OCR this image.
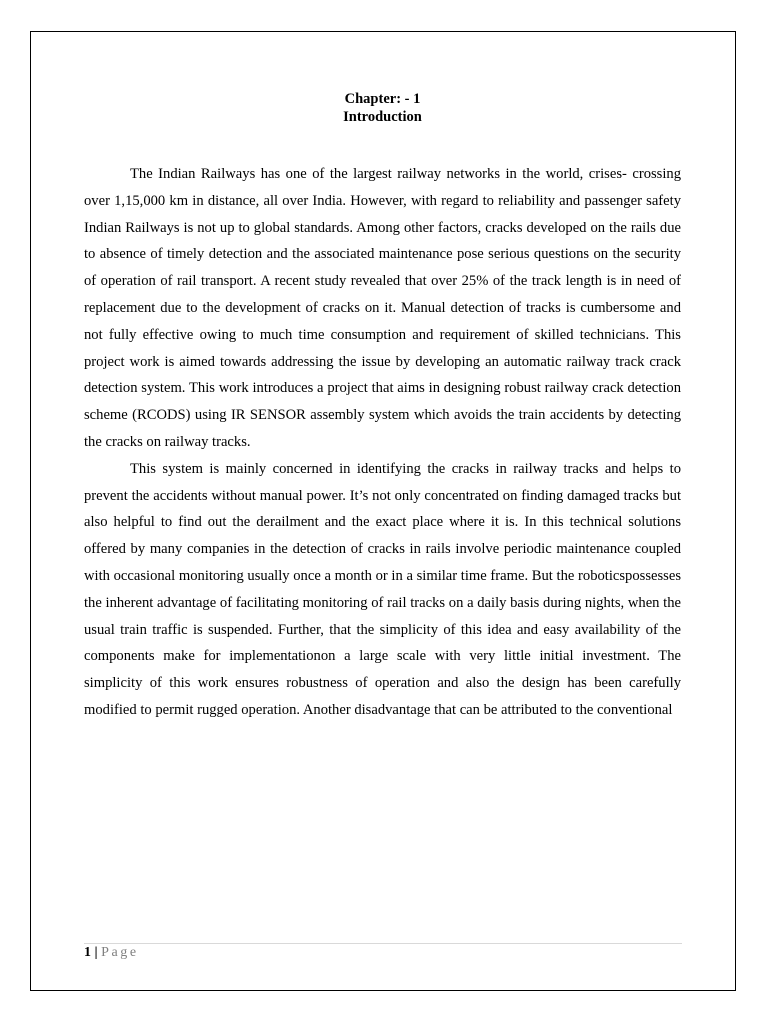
Chapter: - 1

Introduction

The Indian Railways has one of the largest railway networks in the world, crises- crossing over 1,15,000 km in distance, all over India. However, with regard to reliability and passenger safety Indian Railways is not up to global standards. Among other factors, cracks developed on the rails due to absence of timely detection and the associated maintenance pose serious questions on the security of operation of rail transport. A recent study revealed that over 25% of the track length is in need of replacement due to the development of cracks on it. Manual detection of tracks is cumbersome and not fully effective owing to much time consumption and requirement of skilled technicians. This project work is aimed towards addressing the issue by developing an automatic railway track crack detection system. This work introduces a project that aims in designing robust railway crack detection scheme (RCODS) using IR SENSOR assembly system which avoids the train accidents by detecting the cracks on railway tracks.

This system is mainly concerned in identifying the cracks in railway tracks and helps to prevent the accidents without manual power. It’s not only concentrated on finding damaged tracks but also helpful to find out the derailment and the exact place where it is. In this technical solutions offered by many companies in the detection of cracks in rails involve periodic maintenance coupled with occasional monitoring usually once a month or in a similar time frame. But the roboticspossesses the inherent advantage of facilitating monitoring of rail tracks on a daily basis during nights, when the usual train traffic is suspended. Further, that the simplicity of this idea and easy availability of the components make for implementationon a large scale with very little initial investment. The simplicity of this work ensures robustness of operation and also the design has been carefully modified to permit rugged operation. Another disadvantage that can be attributed to the conventional

1 | Page
